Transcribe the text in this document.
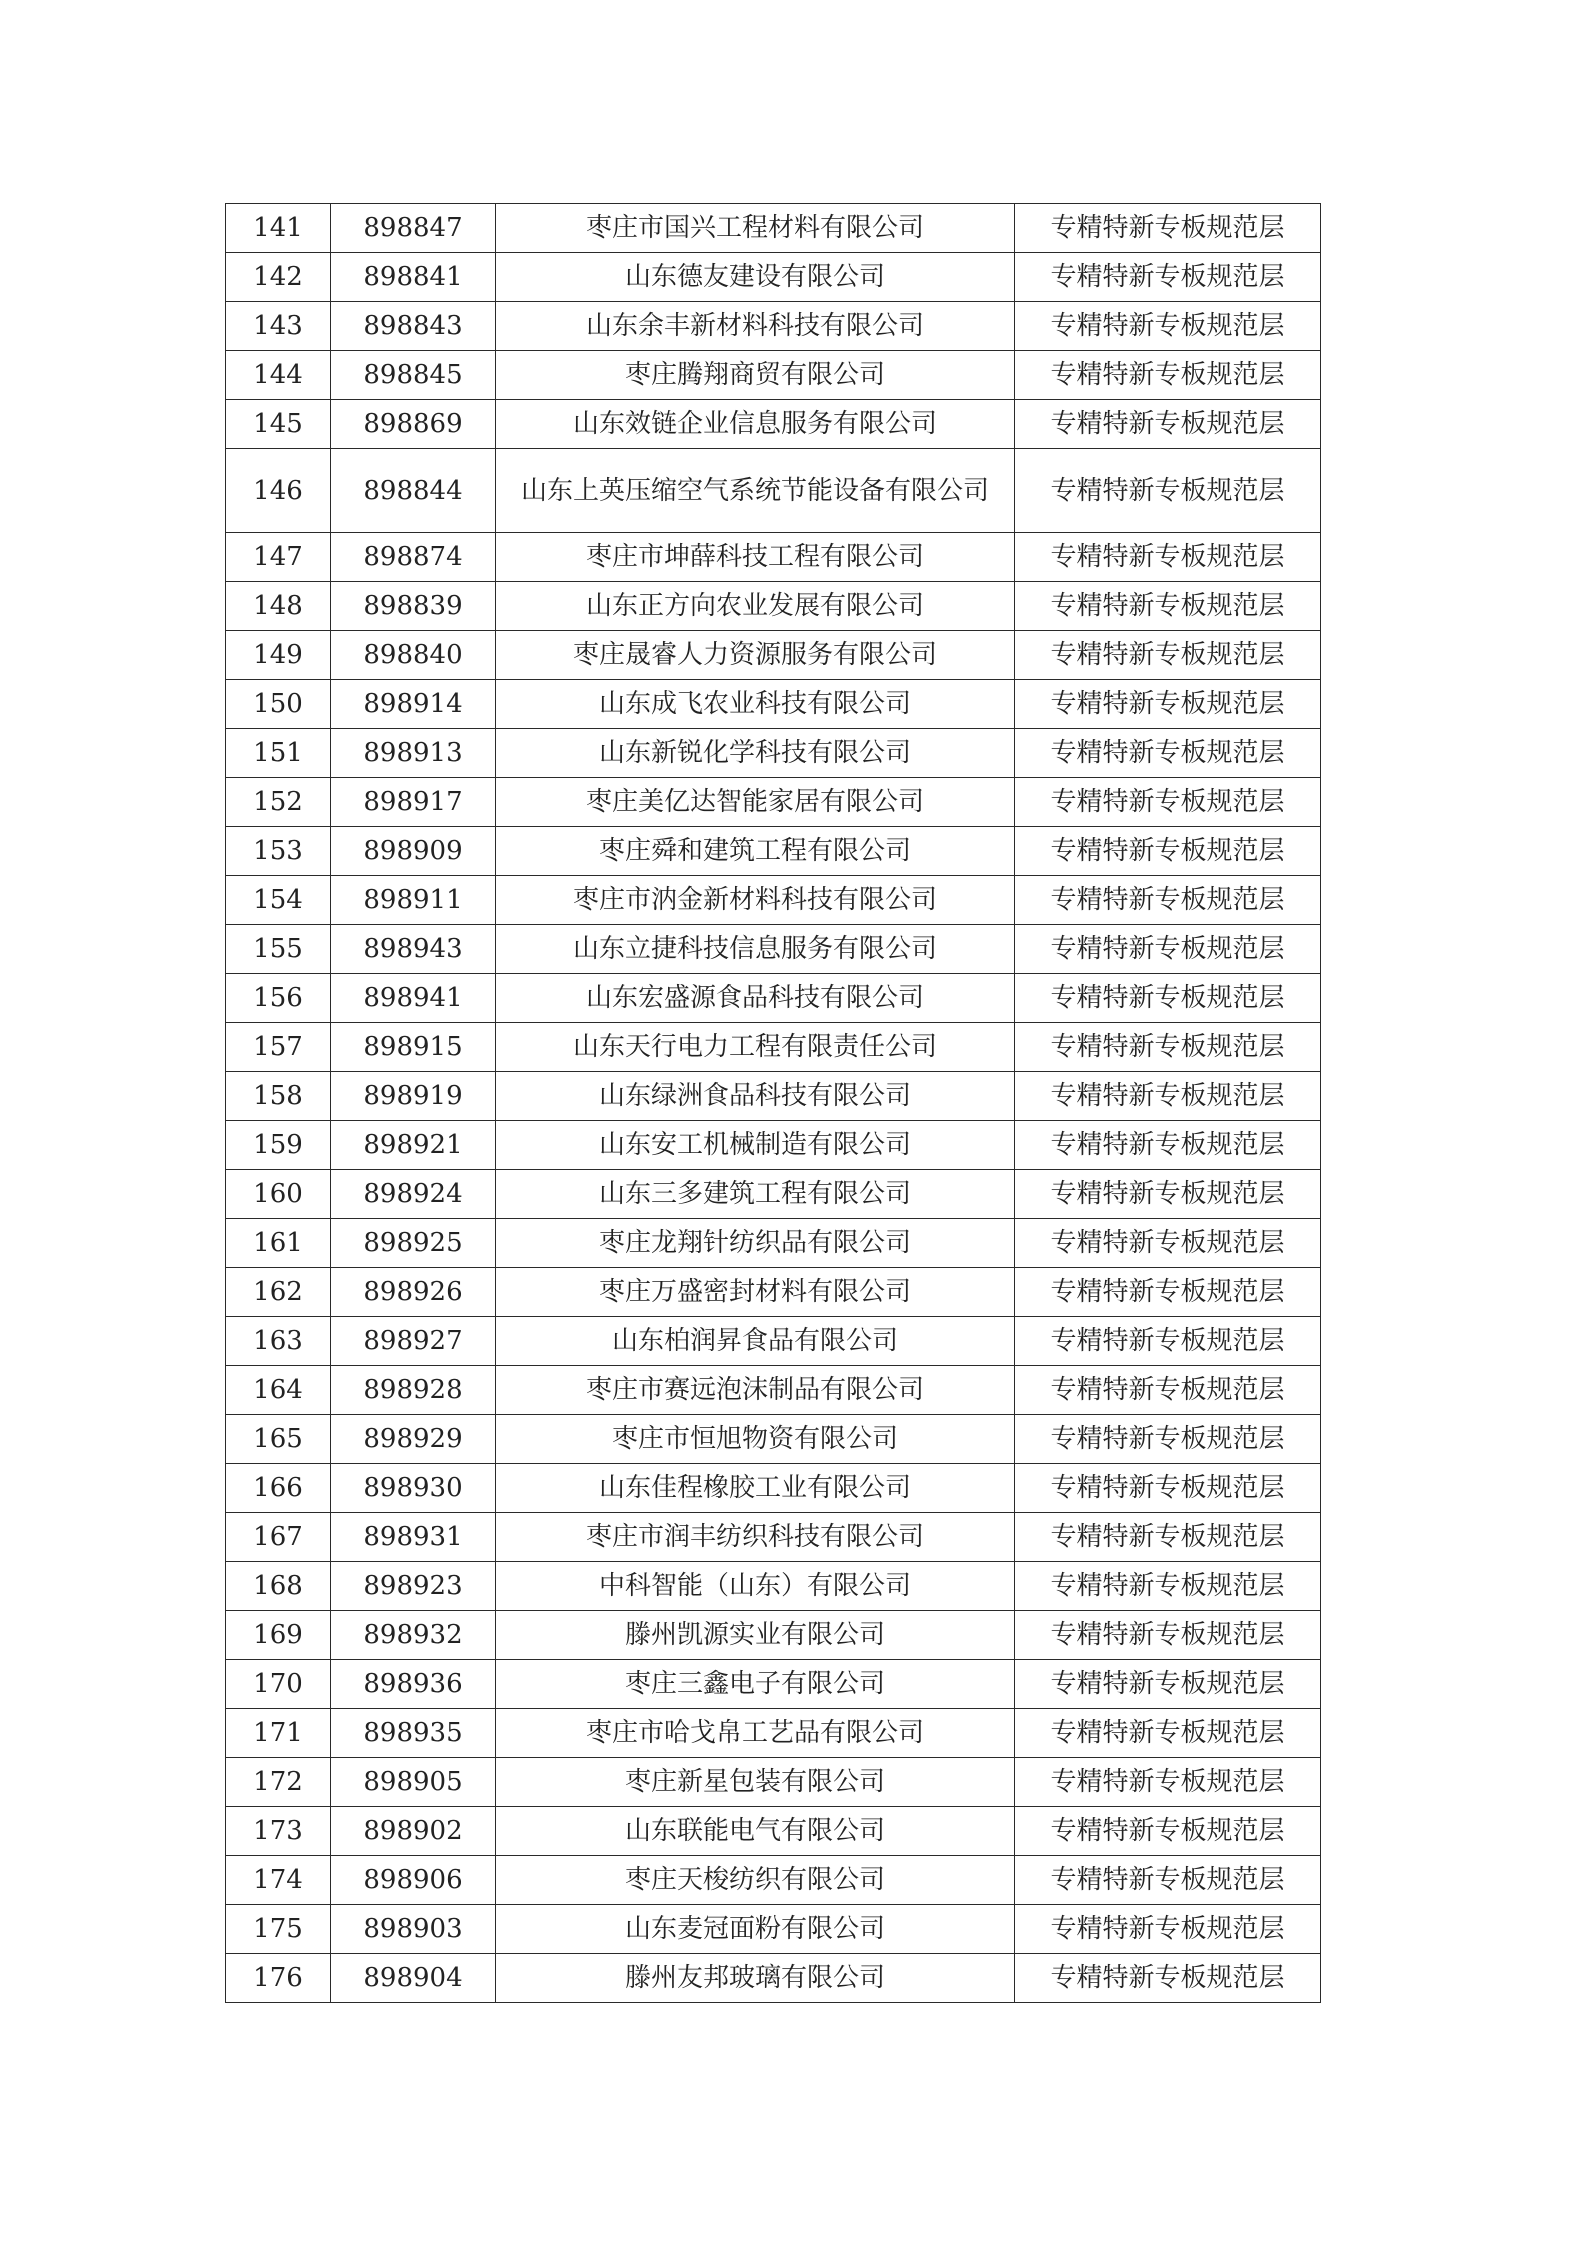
141	898847	枣庄市国兴工程材料有限公司	专精特新专板规范层
142	898841	山东德友建设有限公司	专精特新专板规范层
143	898843	山东余丰新材料科技有限公司	专精特新专板规范层
144	898845	枣庄腾翔商贸有限公司	专精特新专板规范层
145	898869	山东效链企业信息服务有限公司	专精特新专板规范层
146	898844	山东上英压缩空气系统节能设备有限公司	专精特新专板规范层
147	898874	枣庄市坤薛科技工程有限公司	专精特新专板规范层
148	898839	山东正方向农业发展有限公司	专精特新专板规范层
149	898840	枣庄晟睿人力资源服务有限公司	专精特新专板规范层
150	898914	山东成飞农业科技有限公司	专精特新专板规范层
151	898913	山东新锐化学科技有限公司	专精特新专板规范层
152	898917	枣庄美亿达智能家居有限公司	专精特新专板规范层
153	898909	枣庄舜和建筑工程有限公司	专精特新专板规范层
154	898911	枣庄市汭金新材料科技有限公司	专精特新专板规范层
155	898943	山东立捷科技信息服务有限公司	专精特新专板规范层
156	898941	山东宏盛源食品科技有限公司	专精特新专板规范层
157	898915	山东天行电力工程有限责任公司	专精特新专板规范层
158	898919	山东绿洲食品科技有限公司	专精特新专板规范层
159	898921	山东安工机械制造有限公司	专精特新专板规范层
160	898924	山东三多建筑工程有限公司	专精特新专板规范层
161	898925	枣庄龙翔针纺织品有限公司	专精特新专板规范层
162	898926	枣庄万盛密封材料有限公司	专精特新专板规范层
163	898927	山东柏润昇食品有限公司	专精特新专板规范层
164	898928	枣庄市赛远泡沫制品有限公司	专精特新专板规范层
165	898929	枣庄市恒旭物资有限公司	专精特新专板规范层
166	898930	山东佳程橡胶工业有限公司	专精特新专板规范层
167	898931	枣庄市润丰纺织科技有限公司	专精特新专板规范层
168	898923	中科智能（山东）有限公司	专精特新专板规范层
169	898932	滕州凯源实业有限公司	专精特新专板规范层
170	898936	枣庄三鑫电子有限公司	专精特新专板规范层
171	898935	枣庄市哈戈帛工艺品有限公司	专精特新专板规范层
172	898905	枣庄新星包装有限公司	专精特新专板规范层
173	898902	山东联能电气有限公司	专精特新专板规范层
174	898906	枣庄天梭纺织有限公司	专精特新专板规范层
175	898903	山东麦冠面粉有限公司	专精特新专板规范层
176	898904	滕州友邦玻璃有限公司	专精特新专板规范层
